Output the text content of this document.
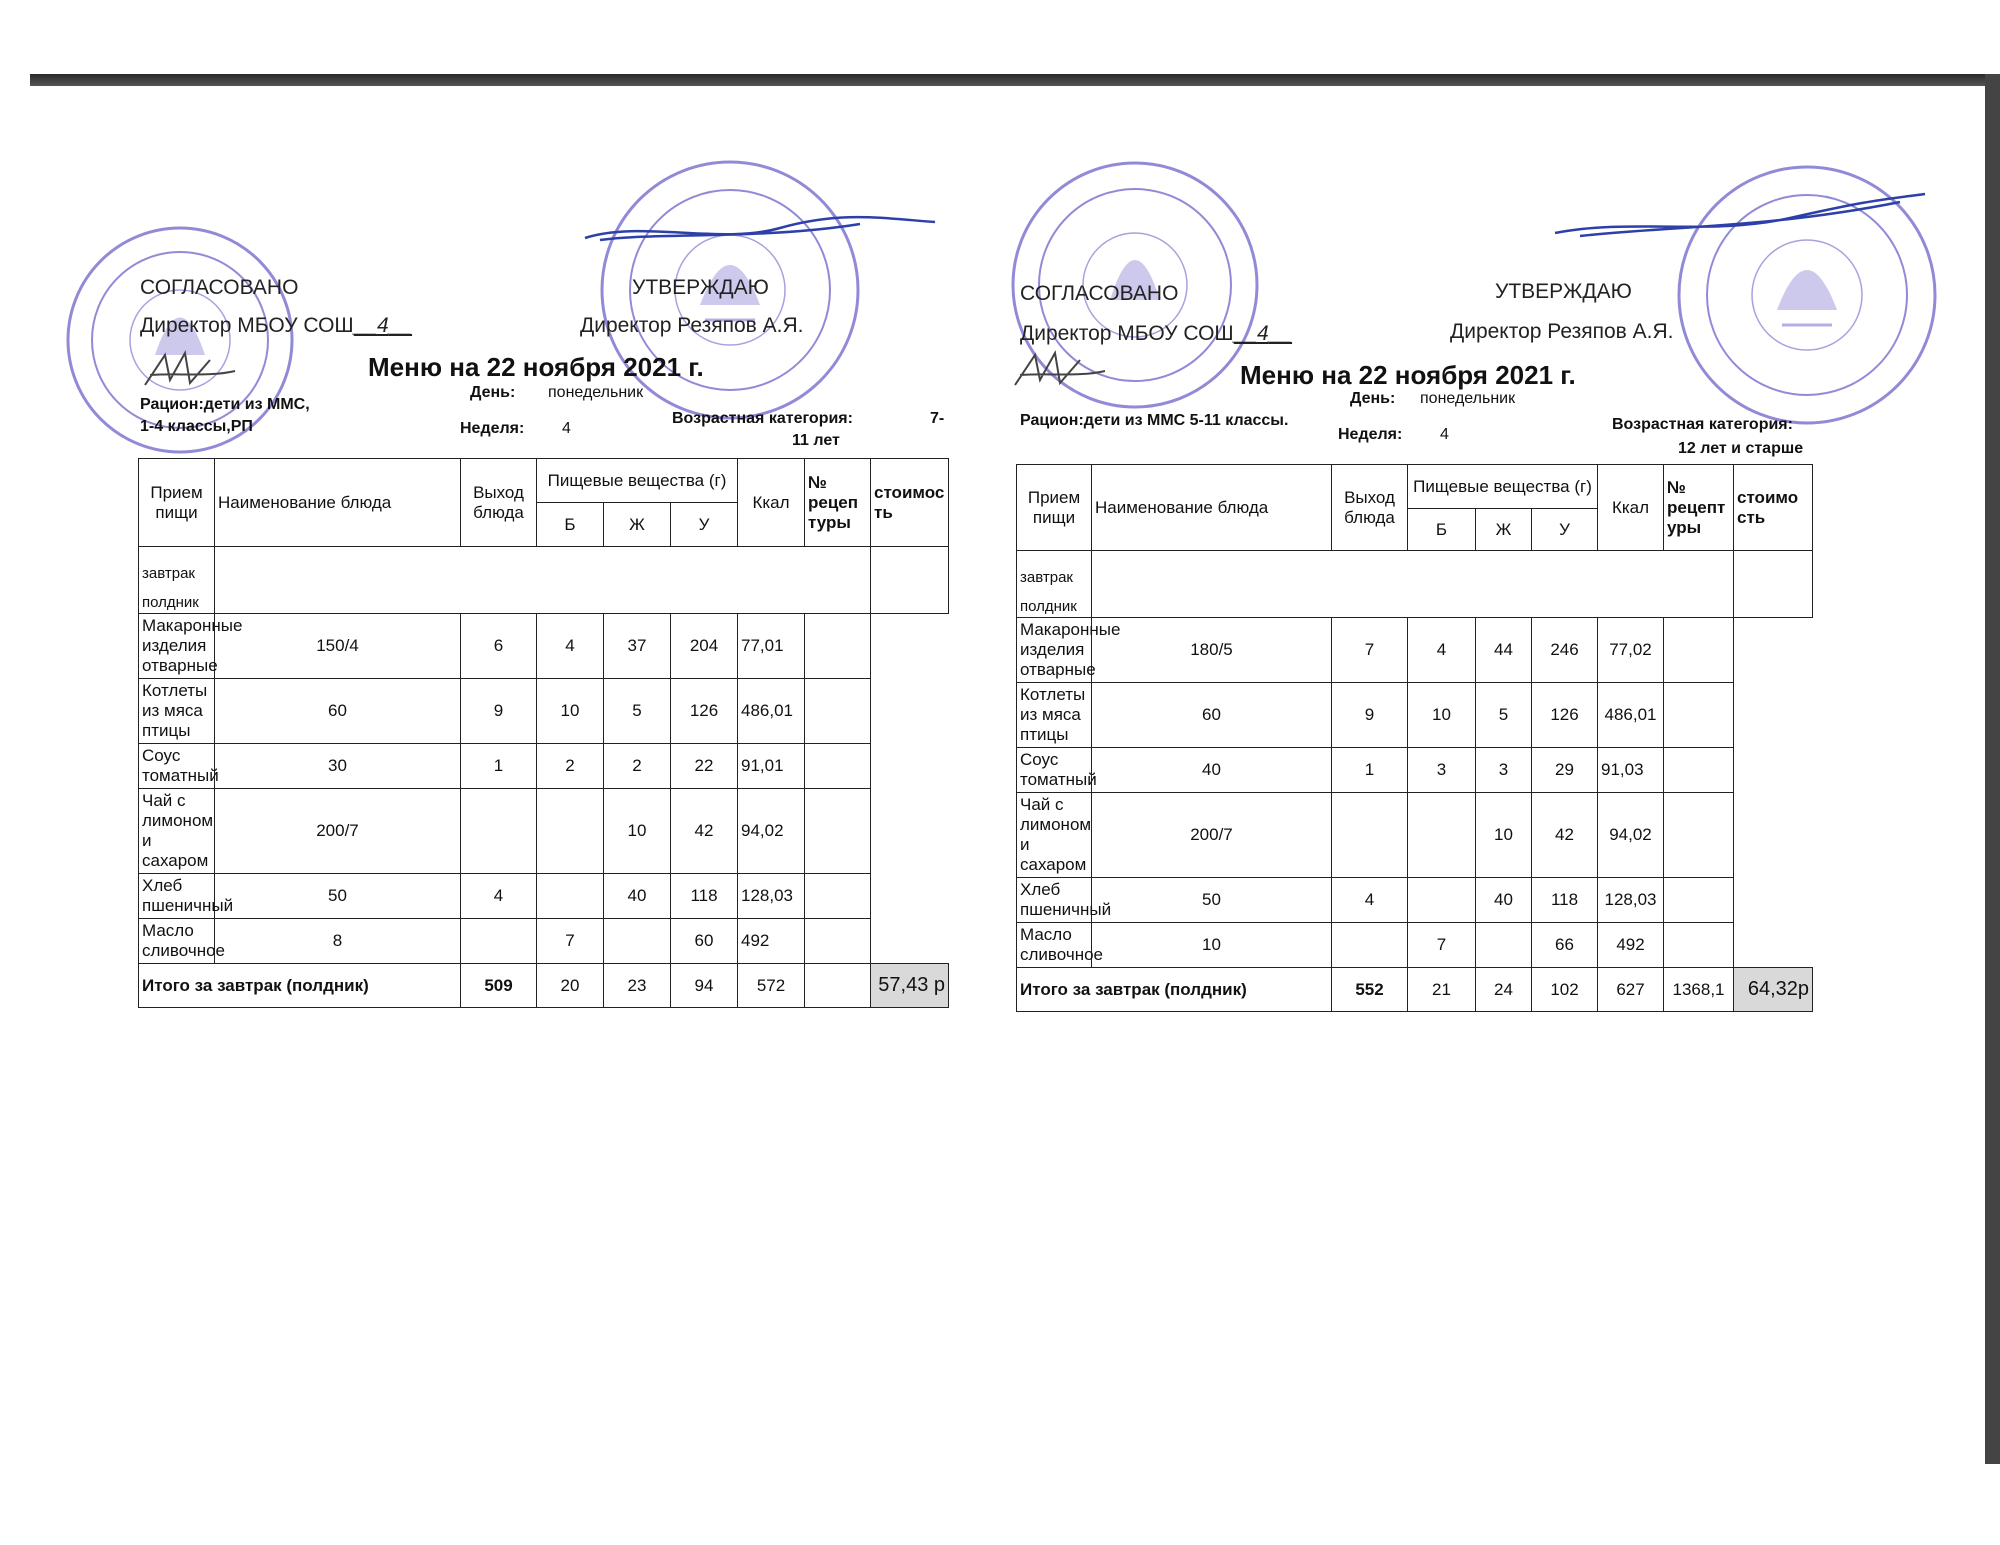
СОГЛАСОВАНО	УТВЕРЖДАЮ
Директор МБОУ СОШ__4__	Директор Резяпов А.Я.
Меню на 22 ноября 2021 г.
Рацион:дети из ММС,
1-4 классы,РП
День: понедельник
Неделя: 4
Возрастная категория:	7-
11 лет
Прием пищи	Наименование блюда	Выход блюда	Пищевые вещества (г)			Ккал	№ рецеп туры	стоимос ть
			Б	Ж	У			

завтрак
полдник								

Макаронные изделия отварные	150/4	6	4	37	204	77,01		
Котлеты из мяса птицы	60	9	10	5	126	486,01		
Соус томатный	30	1	2	2	22	91,01		
Чай с лимоном и сахаром	200/7			10	42	94,02		
Хлеб пшеничный	50	4		40	118	128,03		
Масло сливочное	8		7		60	492		
Итого за завтрак (полдник)		509	20	23	94	572		57,43 р
СОГЛАСОВАНО	УТВЕРЖДАЮ
Директор МБОУ СОШ__4__	Директор Резяпов А.Я.
Меню на 22 ноября 2021 г.
Рацион:дети из ММС 5-11 классы.
День: понедельник
Неделя: 4
Возрастная категория:
12 лет и старше
Прием пищи	Наименование блюда	Выход блюда	Пищевые вещества (г)			Ккал	№ рецепт уры	стоимо сть
			Б	Ж	У			

завтрак
полдник								

Макаронные изделия отварные	180/5	7	4	44	246	77,02		
Котлеты из мяса птицы	60	9	10	5	126	486,01		
Соус томатный	40	1	3	3	29	91,03		
Чай с лимоном и сахаром	200/7			10	42	94,02		
Хлеб пшеничный	50	4		40	118	128,03		
Масло сливочное	10		7		66	492		
Итого за завтрак (полдник)		552	21	24	102	627	1368,1	64,32р
